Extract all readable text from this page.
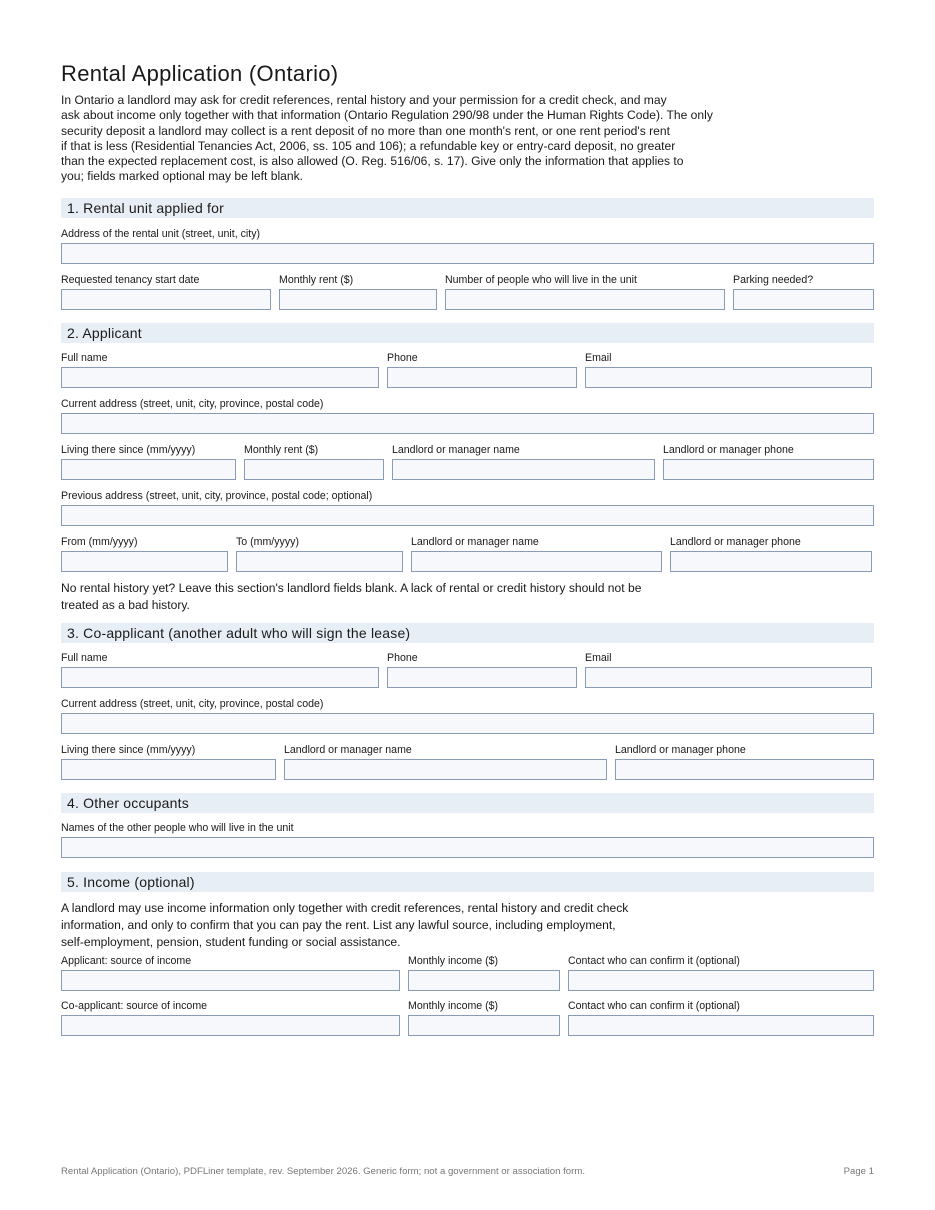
Rental Application (Ontario)

In Ontario a landlord may ask for credit references, rental history and your permission for a credit check, and may
ask about income only together with that information (Ontario Regulation 290/98 under the Human Rights Code). The only
security deposit a landlord may collect is a rent deposit of no more than one month's rent, or one rent period's rent
if that is less (Residential Tenancies Act, 2006, ss. 105 and 106); a refundable key or entry-card deposit, no greater
than the expected replacement cost, is also allowed (O. Reg. 516/06, s. 17). Give only the information that applies to
you; fields marked optional may be left blank.

1. Rental unit applied for
Address of the rental unit (street, unit, city)
Requested tenancy start date	Monthly rent ($)	Number of people who will live in the unit	Parking needed?
2. Applicant
Full name	Phone	Email
Current address (street, unit, city, province, postal code)
Living there since (mm/yyyy)	Monthly rent ($)	Landlord or manager name	Landlord or manager phone
Previous address (street, unit, city, province, postal code; optional)
From (mm/yyyy)	To (mm/yyyy)	Landlord or manager name	Landlord or manager phone
No rental history yet? Leave this section's landlord fields blank. A lack of rental or credit history should not be
treated as a bad history.
3. Co-applicant (another adult who will sign the lease)
Full name	Phone	Email
Current address (street, unit, city, province, postal code)
Living there since (mm/yyyy)	Landlord or manager name	Landlord or manager phone
4. Other occupants
Names of the other people who will live in the unit
5. Income (optional)
A landlord may use income information only together with credit references, rental history and credit check
information, and only to confirm that you can pay the rent. List any lawful source, including employment,
self-employment, pension, student funding or social assistance.
Applicant: source of income	Monthly income ($)	Contact who can confirm it (optional)
Co-applicant: source of income	Monthly income ($)	Contact who can confirm it (optional)
Rental Application (Ontario), PDFLiner template, rev. September 2026. Generic form; not a government or association form.	Page 1
